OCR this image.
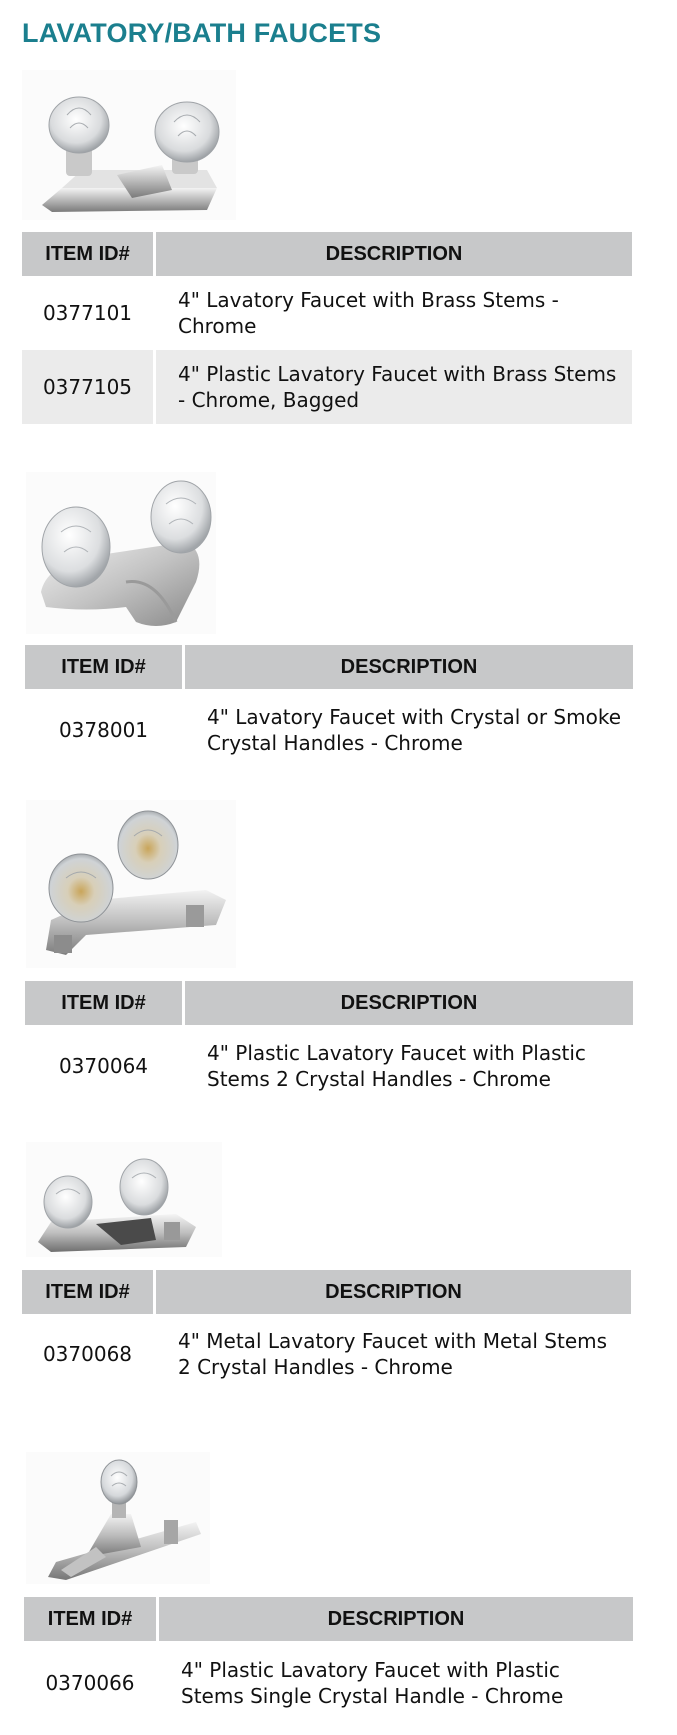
LAVATORY/BATH FAUCETS
ITEM ID#	DESCRIPTION
0377101	4" Lavatory Faucet with Brass Stems - Chrome
0377105	4" Plastic Lavatory Faucet with Brass Stems - Chrome, Bagged
ITEM ID#	DESCRIPTION
0378001	4" Lavatory Faucet with Crystal or Smoke Crystal Handles - Chrome
ITEM ID#	DESCRIPTION
0370064	4" Plastic Lavatory Faucet with Plastic Stems 2 Crystal Handles - Chrome
ITEM ID#	DESCRIPTION
0370068	4" Metal Lavatory Faucet with Metal Stems 2 Crystal Handles - Chrome
ITEM ID#	DESCRIPTION
0370066	4" Plastic Lavatory Faucet with Plastic Stems Single Crystal Handle - Chrome
